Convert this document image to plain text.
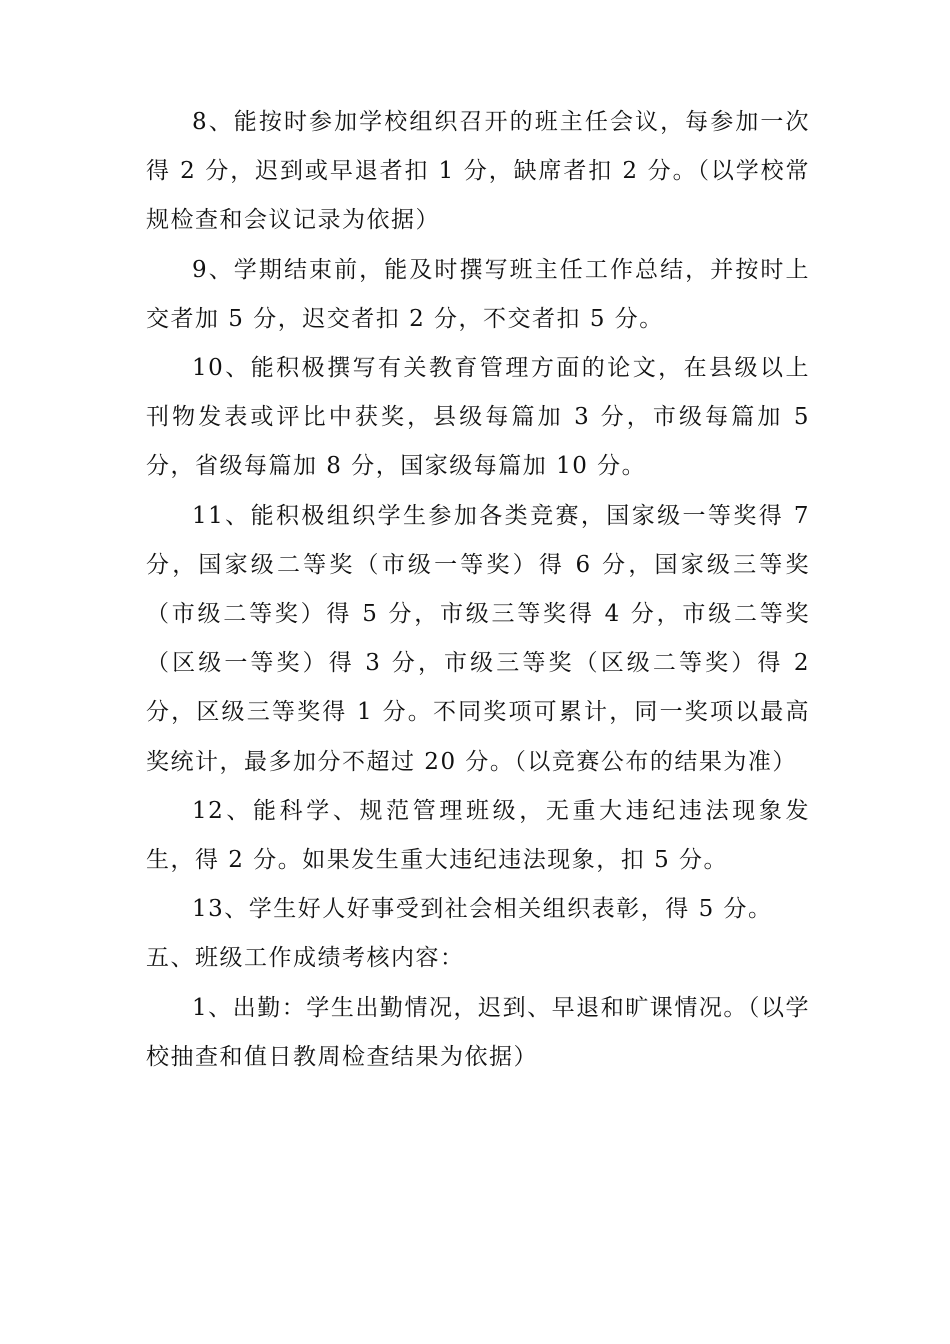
8、能按时参加学校组织召开的班主任会议，每参加一次得 2 分，迟到或早退者扣 1 分，缺席者扣 2 分。（以学校常规检查和会议记录为依据）

9、学期结束前，能及时撰写班主任工作总结，并按时上交者加 5 分，迟交者扣 2 分，不交者扣 5 分。

10、能积极撰写有关教育管理方面的论文，在县级以上刊物发表或评比中获奖，县级每篇加 3 分，市级每篇加 5 分，省级每篇加 8 分，国家级每篇加 10 分。

11、能积极组织学生参加各类竞赛，国家级一等奖得 7 分，国家级二等奖（市级一等奖）得 6 分，国家级三等奖（市级二等奖）得 5 分，市级三等奖得 4 分，市级二等奖（区级一等奖）得 3 分，市级三等奖（区级二等奖）得 2 分，区级三等奖得 1 分。不同奖项可累计，同一奖项以最高奖统计，最多加分不超过 20 分。（以竞赛公布的结果为准）

12、能科学、规范管理班级，无重大违纪违法现象发生，得 2 分。如果发生重大违纪违法现象，扣 5 分。

13、学生好人好事受到社会相关组织表彰，得 5 分。

五、班级工作成绩考核内容：

1、出勤：学生出勤情况，迟到、早退和旷课情况。（以学校抽查和值日教周检查结果为依据）
